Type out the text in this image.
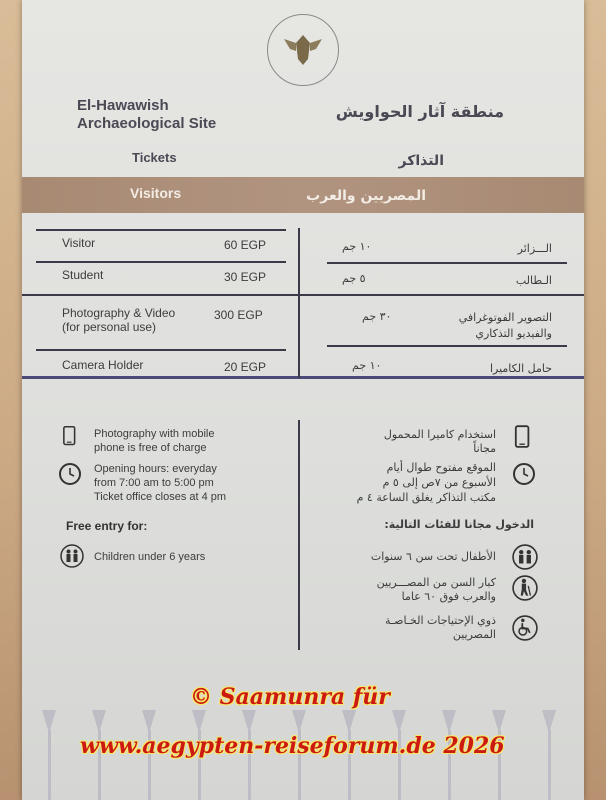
El-Hawawish
Archaeological Site
منطقة آثار الحواويش
Tickets	التذاكر
Visitors	المصريين والعرب
Visitor	60 EGP	١٠ جم	الـــزائر
Student	30 EGP	٥ جم	الـطالب
Photography & Video
(for personal use)
300 EGP	٣٠ جم	التصوير الفوتوغرافي
والفيديو التذكاري
Camera Holder	20 EGP	١٠ جم	حامل الكاميرا
Photography with mobile
phone is free of charge
Opening hours: everyday
from 7:00 am to 5:00 pm
Ticket office closes at 4 pm
Free entry for:
Children under 6 years
استخدام كاميرا المحمول
مجاناً
الموقع مفتوح طوال أيام
الأسبوع من ٧ص إلى ٥ م
مكتب التذاكر يغلق الساعة ٤ م
الدخول مجانا للفئات التالية:
الأطفال تحت سن ٦ سنوات
كبار السن من المصـــريين
والعرب فوق ٦٠ عاما
ذوي الإحتياجات الخـاصـة
المصريين
© Saamunra für
www.aegypten-reiseforum.de 2026
